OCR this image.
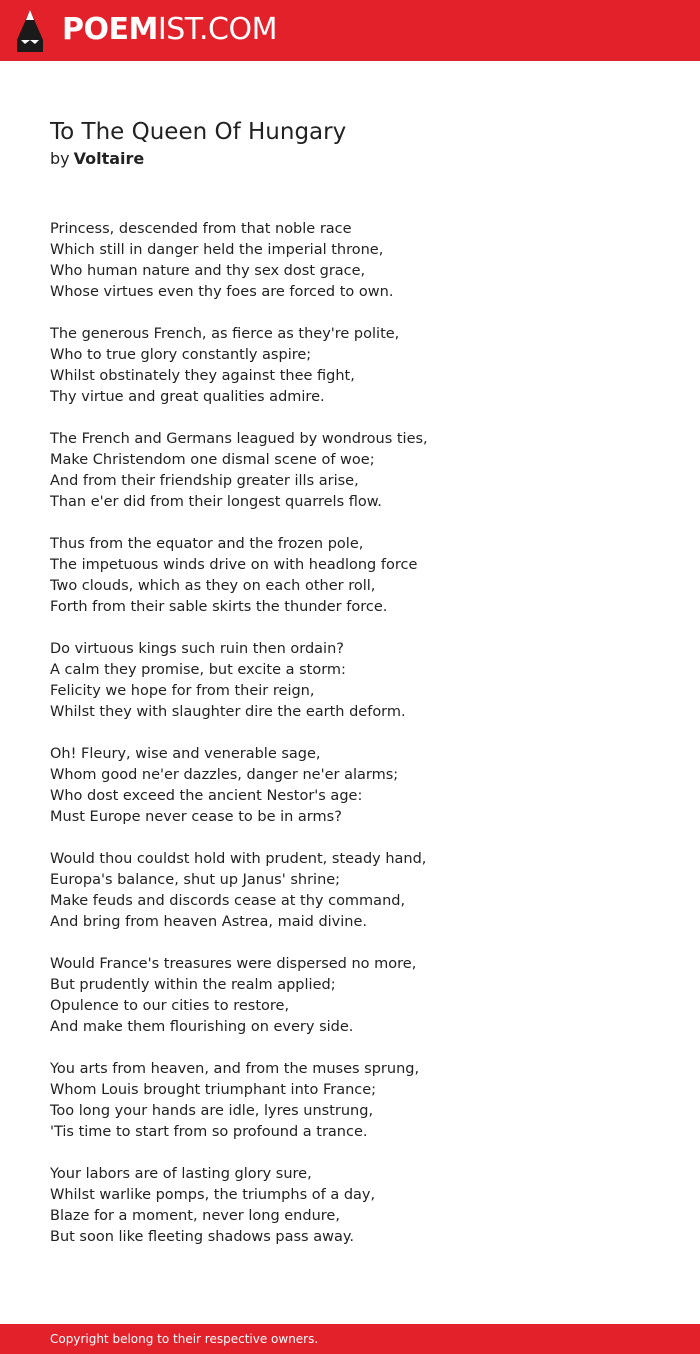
POEMIST.COM
To The Queen Of Hungary
by Voltaire
Princess, descended from that noble race
Which still in danger held the imperial throne,
Who human nature and thy sex dost grace,
Whose virtues even thy foes are forced to own.
The generous French, as fierce as they're polite,
Who to true glory constantly aspire;
Whilst obstinately they against thee fight,
Thy virtue and great qualities admire.
The French and Germans leagued by wondrous ties,
Make Christendom one dismal scene of woe;
And from their friendship greater ills arise,
Than e'er did from their longest quarrels flow.
Thus from the equator and the frozen pole,
The impetuous winds drive on with headlong force
Two clouds, which as they on each other roll,
Forth from their sable skirts the thunder force.
Do virtuous kings such ruin then ordain?
A calm they promise, but excite a storm:
Felicity we hope for from their reign,
Whilst they with slaughter dire the earth deform.
Oh! Fleury, wise and venerable sage,
Whom good ne'er dazzles, danger ne'er alarms;
Who dost exceed the ancient Nestor's age:
Must Europe never cease to be in arms?
Would thou couldst hold with prudent, steady hand,
Europa's balance, shut up Janus' shrine;
Make feuds and discords cease at thy command,
And bring from heaven Astrea, maid divine.
Would France's treasures were dispersed no more,
But prudently within the realm applied;
Opulence to our cities to restore,
And make them flourishing on every side.
You arts from heaven, and from the muses sprung,
Whom Louis brought triumphant into France;
Too long your hands are idle, lyres unstrung,
'Tis time to start from so profound a trance.
Your labors are of lasting glory sure,
Whilst warlike pomps, the triumphs of a day,
Blaze for a moment, never long endure,
But soon like fleeting shadows pass away.
Copyright belong to their respective owners.
